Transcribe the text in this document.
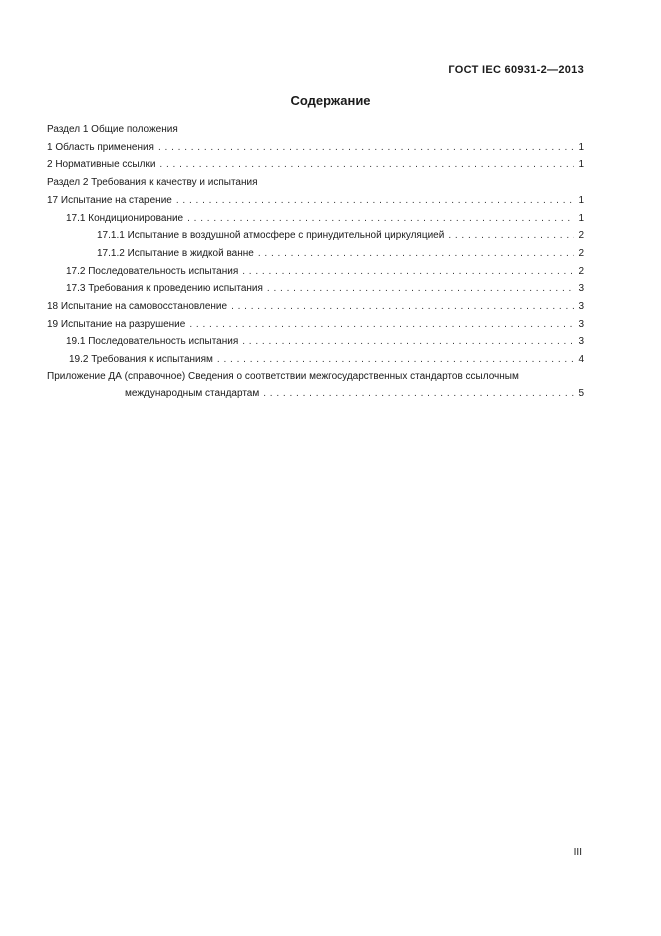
ГОСТ IEC 60931-2—2013
Содержание
Раздел 1 Общие положения
1 Область применения . . .	1
2 Нормативные ссылки . . .	1
Раздел 2 Требования к качеству и испытания
17 Испытание на старение . . .	1
17.1 Кондиционирование . . .	1
17.1.1 Испытание в воздушной атмосфере с принудительной циркуляцией . . .	2
17.1.2 Испытание в жидкой ванне . . .	2
17.2 Последовательность испытания . . .	2
17.3 Требования к проведению испытания . . .	3
18 Испытание на самовосстановление . . .	3
19 Испытание на разрушение . . .	3
19.1 Последовательность испытания . . .	3
19.2 Требования к испытаниям . . .	4
Приложение ДА (справочное) Сведения о соответствии межгосударственных стандартов ссылочным
международным стандартам . . .	5
III
